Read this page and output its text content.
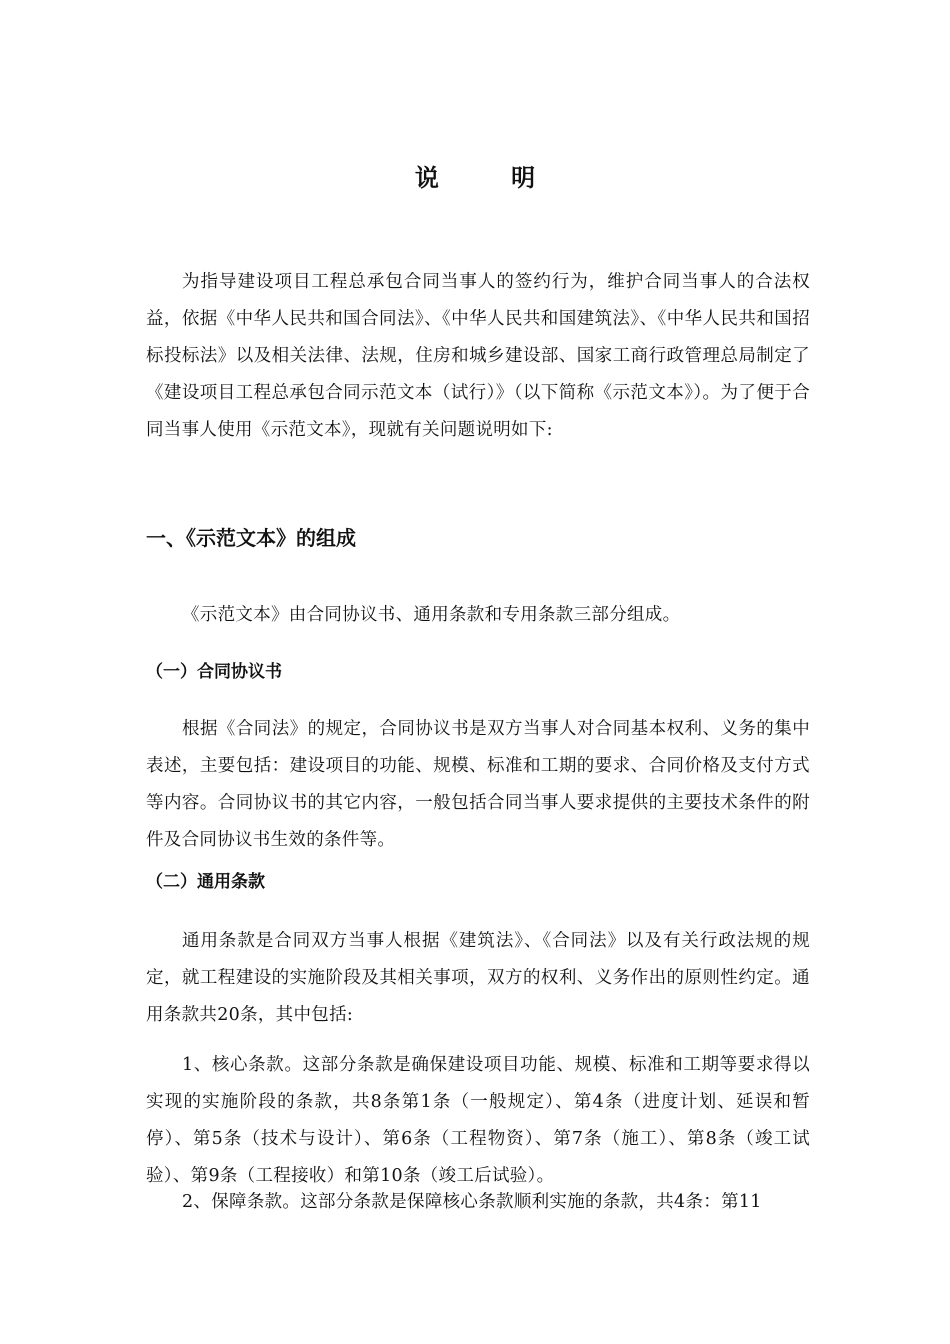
说 明

为指导建设项目工程总承包合同当事人的签约行为，维护合同当事人的合法权益，依据《中华人民共和国合同法》、《中华人民共和国建筑法》、《中华人民共和国招标投标法》以及相关法律、法规，住房和城乡建设部、国家工商行政管理总局制定了《建设项目工程总承包合同示范文本（试行）》（以下简称《示范文本》）。为了便于合同当事人使用《示范文本》，现就有关问题说明如下:

一、《示范文本》的组成

《示范文本》由合同协议书、通用条款和专用条款三部分组成。

（一）合同协议书

根据《合同法》的规定，合同协议书是双方当事人对合同基本权利、义务的集中表述，主要包括：建设项目的功能、规模、标准和工期的要求、合同价格及支付方式等内容。合同协议书的其它内容，一般包括合同当事人要求提供的主要技术条件的附件及合同协议书生效的条件等。

（二）通用条款

通用条款是合同双方当事人根据《建筑法》、《合同法》以及有关行政法规的规定，就工程建设的实施阶段及其相关事项，双方的权利、义务作出的原则性约定。通用条款共20条，其中包括:

1、核心条款。这部分条款是确保建设项目功能、规模、标准和工期等要求得以实现的实施阶段的条款，共8条第1条（一般规定）、第4条（进度计划、延误和暂停）、第5条（技术与设计）、第6条（工程物资）、第7条（施工）、第8条（竣工试验）、第9条（工程接收）和第10条（竣工后试验）。

2、保障条款。这部分条款是保障核心条款顺利实施的条款，共4条：第11
